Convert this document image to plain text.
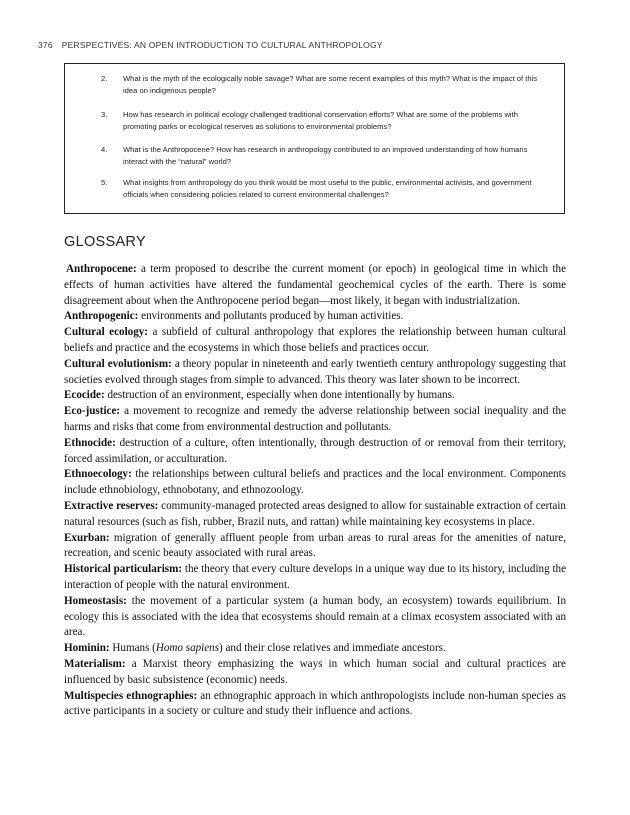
376 PERSPECTIVES: AN OPEN INTRODUCTION TO CULTURAL ANTHROPOLOGY
2.	What is the myth of the ecologically noble savage? What are some recent examples of this myth? What is the impact of this idea on indigenous people?
3.	How has research in political ecology challenged traditional conservation efforts? What are some of the problems with promoting parks or ecological reserves as solutions to environmental problems?
4.	What is the Anthropocene? How has research in anthropology contributed to an improved understanding of how humans interact with the “natural” world?
5.	What insights from anthropology do you think would be most useful to the public, environmental activists, and government officials when considering policies related to current environmental challenges?
GLOSSARY

Anthropocene: a term proposed to describe the current moment (or epoch) in geological time in which the effects of human activities have altered the fundamental geochemical cycles of the earth. There is some disagreement about when the Anthropocene period began—most likely, it began with industrialization.

Anthropogenic: environments and pollutants produced by human activities.

Cultural ecology: a subfield of cultural anthropology that explores the relationship between human cultural beliefs and practice and the ecosystems in which those beliefs and practices occur.

Cultural evolutionism: a theory popular in nineteenth and early twentieth century anthropology suggesting that societies evolved through stages from simple to advanced. This theory was later shown to be incorrect.

Ecocide: destruction of an environment, especially when done intentionally by humans.

Eco-justice: a movement to recognize and remedy the adverse relationship between social inequality and the harms and risks that come from environmental destruction and pollutants.

Ethnocide: destruction of a culture, often intentionally, through destruction of or removal from their territory, forced assimilation, or acculturation.

Ethnoecology: the relationships between cultural beliefs and practices and the local environment. Components include ethnobiology, ethnobotany, and ethnozoology.

Extractive reserves: community-managed protected areas designed to allow for sustainable extraction of certain natural resources (such as fish, rubber, Brazil nuts, and rattan) while maintaining key ecosystems in place.

Exurban: migration of generally affluent people from urban areas to rural areas for the amenities of nature, recreation, and scenic beauty associated with rural areas.

Historical particularism: the theory that every culture develops in a unique way due to its history, including the interaction of people with the natural environment.

Homeostasis: the movement of a particular system (a human body, an ecosystem) towards equilibrium. In ecology this is associated with the idea that ecosystems should remain at a climax ecosystem associated with an area.

Hominin: Humans (Homo sapiens) and their close relatives and immediate ancestors.

Materialism: a Marxist theory emphasizing the ways in which human social and cultural practices are influenced by basic subsistence (economic) needs.

Multispecies ethnographies: an ethnographic approach in which anthropologists include non-human species as active participants in a society or culture and study their influence and actions.
